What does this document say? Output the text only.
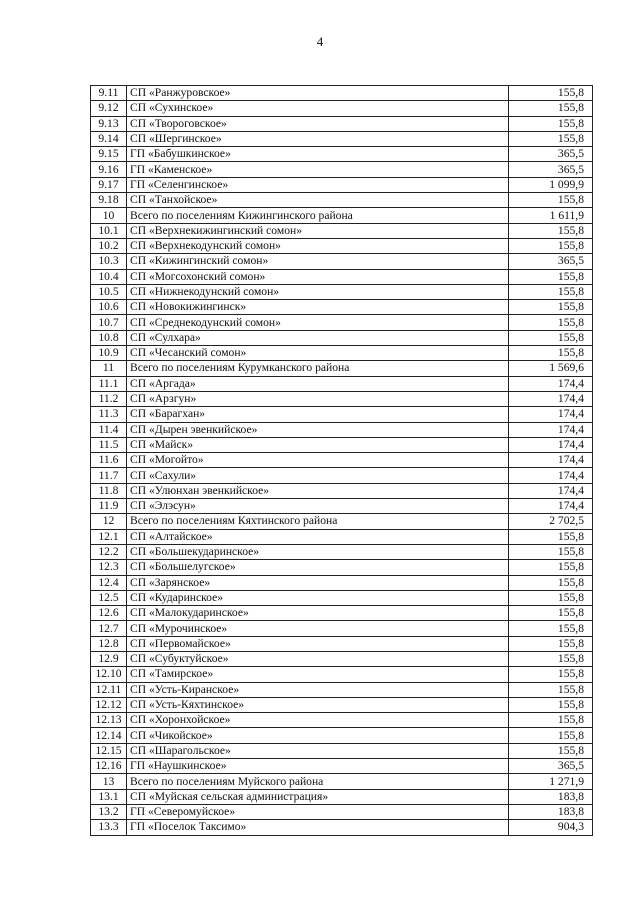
4
9.11	СП «Ранжуровское»	155,8
9.12	СП «Сухинское»	155,8
9.13	СП «Твороговское»	155,8
9.14	СП «Шергинское»	155,8
9.15	ГП «Бабушкинское»	365,5
9.16	ГП «Каменское»	365,5
9.17	ГП «Селенгинское»	1 099,9
9.18	СП «Танхойское»	155,8
10	Всего по поселениям Кижингинского района	1 611,9
10.1	СП «Верхнекижингинский сомон»	155,8
10.2	СП «Верхнекодунский сомон»	155,8
10.3	СП «Кижингинский сомон»	365,5
10.4	СП «Могсохонский сомон»	155,8
10.5	СП «Нижнекодунский сомон»	155,8
10.6	СП «Новокижингинск»	155,8
10.7	СП «Среднекодунский сомон»	155,8
10.8	СП «Сулхара»	155,8
10.9	СП «Чесанский сомон»	155,8
11	Всего по поселениям Курумканского района	1 569,6
11.1	СП «Аргада»	174,4
11.2	СП «Арзгун»	174,4
11.3	СП «Барагхан»	174,4
11.4	СП «Дырен эвенкийское»	174,4
11.5	СП «Майск»	174,4
11.6	СП «Могойто»	174,4
11.7	СП «Сахули»	174,4
11.8	СП «Улюнхан эвенкийское»	174,4
11.9	СП «Элэсун»	174,4
12	Всего по поселениям Кяхтинского района	2 702,5
12.1	СП «Алтайское»	155,8
12.2	СП «Большекударинское»	155,8
12.3	СП «Большелугское»	155,8
12.4	СП «Зарянское»	155,8
12.5	СП «Кударинское»	155,8
12.6	СП «Малокударинское»	155,8
12.7	СП «Мурочинское»	155,8
12.8	СП «Первомайское»	155,8
12.9	СП «Субуктуйское»	155,8
12.10	СП «Тамирское»	155,8
12.11	СП «Усть-Киранское»	155,8
12.12	СП «Усть-Кяхтинское»	155,8
12.13	СП «Хоронхойское»	155,8
12.14	СП «Чикойское»	155,8
12.15	СП «Шарагольское»	155,8
12.16	ГП «Наушкинское»	365,5
13	Всего по поселениям Муйского района	1 271,9
13.1	СП «Муйская сельская администрация»	183,8
13.2	ГП «Северомуйское»	183,8
13.3	ГП «Поселок Таксимо»	904,3
